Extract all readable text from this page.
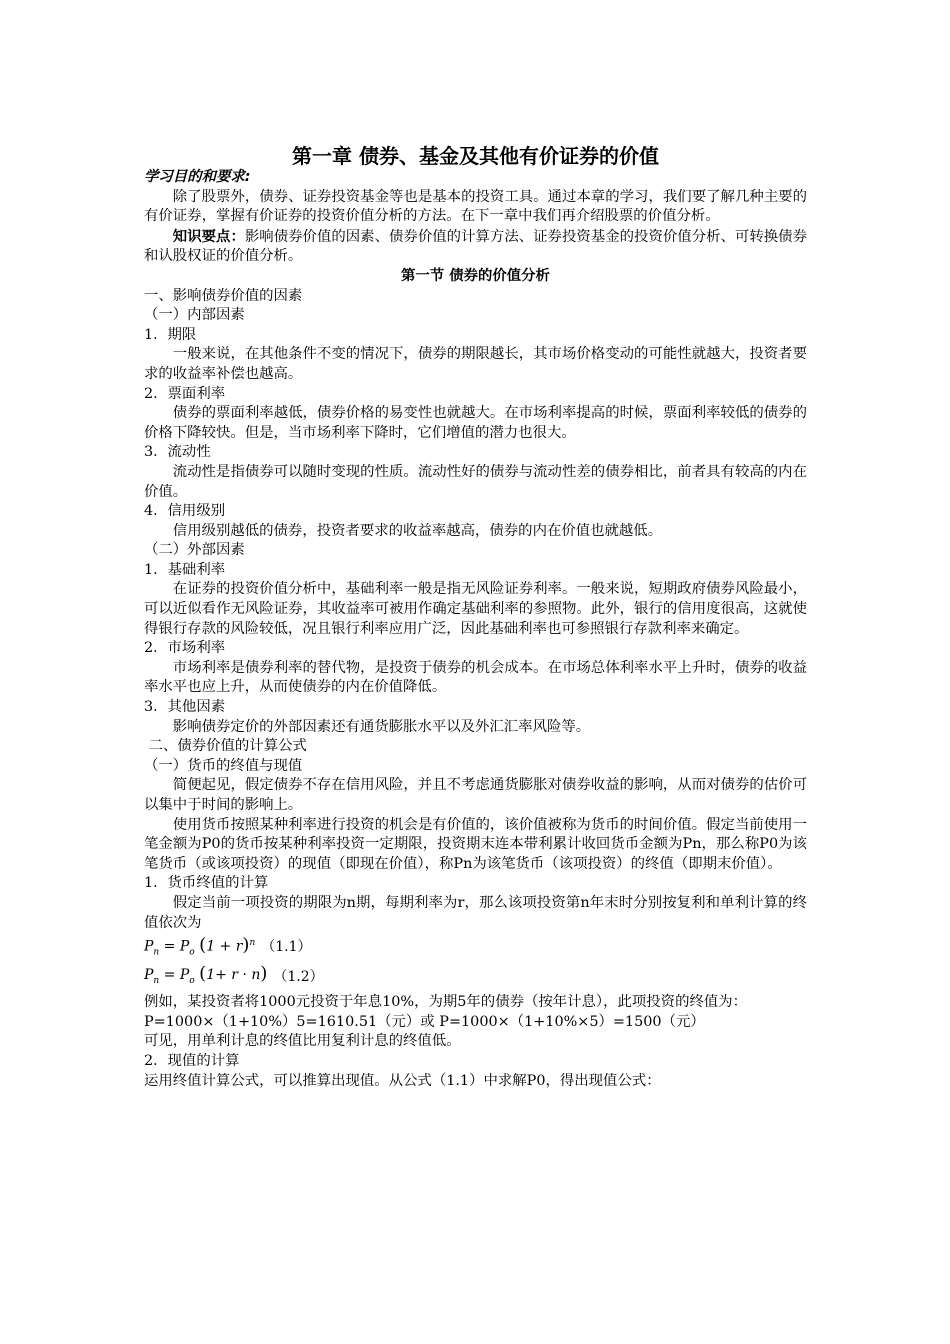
第一章 债券、基金及其他有价证券的价值
学习目的和要求:

除了股票外，债券、证券投资基金等也是基本的投资工具。通过本章的学习，我们要了解几种主要的有价证券，掌握有价证券的投资价值分析的方法。在下一章中我们再介绍股票的价值分析。

知识要点：影响债券价值的因素、债券价值的计算方法、证券投资基金的投资价值分析、可转换债券和认股权证的价值分析。

第一节 债券的价值分析

一、影响债券价值的因素

（一）内部因素

1．期限

一般来说，在其他条件不变的情况下，债券的期限越长，其市场价格变动的可能性就越大，投资者要求的收益率补偿也越高。

2．票面利率

债券的票面利率越低，债券价格的易变性也就越大。在市场利率提高的时候，票面利率较低的债券的价格下降较快。但是，当市场利率下降时，它们增值的潜力也很大。

3．流动性

流动性是指债券可以随时变现的性质。流动性好的债券与流动性差的债券相比，前者具有较高的内在价值。

4．信用级别

信用级别越低的债券，投资者要求的收益率越高，债券的内在价值也就越低。

（二）外部因素

1．基础利率

在证券的投资价值分析中，基础利率一般是指无风险证券利率。一般来说，短期政府债券风险最小，可以近似看作无风险证券，其收益率可被用作确定基础利率的参照物。此外，银行的信用度很高，这就使得银行存款的风险较低，况且银行利率应用广泛，因此基础利率也可参照银行存款利率来确定。

2．市场利率

市场利率是债券利率的替代物，是投资于债券的机会成本。在市场总体利率水平上升时，债券的收益率水平也应上升，从而使债券的内在价值降低。

3．其他因素

影响债券定价的外部因素还有通货膨胀水平以及外汇汇率风险等。

二、债券价值的计算公式

（一）货币的终值与现值

简便起见，假定债券不存在信用风险，并且不考虑通货膨胀对债券收益的影响，从而对债券的估价可以集中于时间的影响上。

使用货币按照某种利率进行投资的机会是有价值的，该价值被称为货币的时间价值。假定当前使用一笔金额为P0的货币按某种利率投资一定期限，投资期末连本带利累计收回货币金额为Pn，那么称P0为该笔货币（或该项投资）的现值（即现在价值），称Pn为该笔货币（该项投资）的终值（即期末价值）。

1．货币终值的计算

假定当前一项投资的期限为n期，每期利率为r，那么该项投资第n年末时分别按复利和单利计算的终值依次为

$P_n = P_o$ $(1 + r)^n$ （1.1）
$P_n = P_o$ (1+ r · n) （1.2）

例如，某投资者将1000元投资于年息10%，为期5年的债券（按年计息），此项投资的终值为：

P=1000×（1+10%）5=1610.51（元）或 P=1000×（1+10%×5）=1500（元）

可见，用单利计息的终值比用复利计息的终值低。

2．现值的计算

运用终值计算公式，可以推算出现值。从公式（1.1）中求解P0，得出现值公式：
